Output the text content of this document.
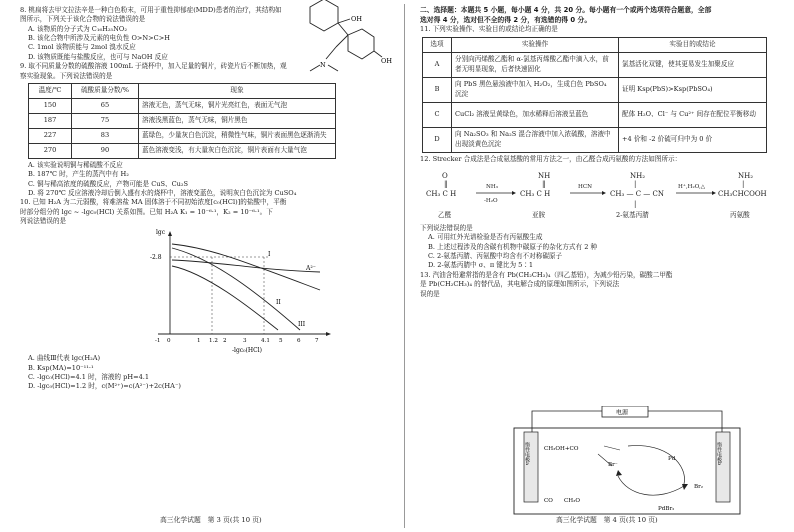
8. 桃扁将去甲文拉法辛是一种白色粉末，可用于重性抑郁症(MDD)患者的治疗，其结构如

图所示，下列关于该化合物的说法错误的是

A. 该物质的分子式为 C₁₆H₂₅NO₂

B. 该化合物中所涉及元素的电负性 O>N>C>H

C. 1mol 该物质能与 2mol 溴水反应

D. 该物质既能与盐酸反应，也可与 NaOH 反应

OH
N	OH

9. 取不同质量分数的硫酸溶液 100mL 于烧杯中，加入足量的铜片，砖瓷片后不断加热，观

察实验现象。下列说法错误的是

温度/℃	硫酸质量分数/%	现象
150	65	溶液无色，蒸气无味，铜片光亮红色，表面无气泡
187	75	溶液浅黑蓝色，蒸气无味，铜片黑色
227	83	蓝绿色，少量灰白色沉淀，稍微性气味，铜片表面黑色逐渐消失
270	90	蓝色溶液变浅，有大量灰白色沉淀，铜片表面有大量气泡

A. 该实验说明铜与稀硫酸不反应

B. 187℃ 时，产生的蒸汽中有 H₂

C. 铜与稀高浓度的硫酸反应，产物可能是 CuS、Cu₂S

D. 将 270℃ 反应溶液冷却后倒入盛有水的烧杯中，溶液变蓝色，说明灰白色沉淀为 CuSO₄

10. 已知 H₂A 为二元弱酸，将难溶盐 MA 固体溶于不同初始浓度[c₀(HCl)]的盐酸中，平衡

时部分组分的 lgc ~ -lgc₀(HCl) 关系如图。已知 H₂A K₁ = 10⁻⁶·¹，K₂ = 10⁻⁶·¹。下

列说法错误的是

lgc
-2.8	I
A²⁻
II
III
-1 0	1 1.2 2	3	4.1 5	6	7
-lgc₀(HCl)

A. 曲线Ⅲ代表 lgc(H₂A)

B. Ksp(MA)=10⁻¹¹·¹

C. -lgc₀(HCl)=4.1 时，溶液的 pH=4.1

D. -lgc₀(HCl)=1.2 时，c(M²⁺)=c(A²⁻)+2c(HA⁻)

高三化学试题　第 3 页(共 10 页)

二、选择题：本题共 5 小题，每小题 4 分，共 20 分。每小题有一个或两个选项符合题意，全部

选对得 4 分，选对但不全的得 2 分，有选错的得 0 分。

11. 下列实验操作、实验目的或结论均正确的是

选项	实验操作	实验目的或结论
A	分别向丙烯酸乙酯和 α-氯基丙烯酸乙酯中滴入水，前者无明显现象，后者快速固化	氯基活化双键，使其更易发生加聚反应
B	向 PbS 黑色悬浊液中加入 H₂O₂，生成白色 PbSO₄ 沉淀	证明 Ksp(PbS)>Ksp(PbSO₄)
C	CuCl₂ 溶液呈黄绿色，加水稀释后溶液呈蓝色	配体 H₂O、Cl⁻ 与 Cu²⁺ 间存在配位平衡移动
D	向 Na₂SO₃ 和 Na₂S 混合溶液中加入浓硫酸，溶液中出现淡黄色沉淀	+4 价和 -2 价硫可归中为 0 价

12. Strecker 合成法是合成氨基酸的常用方法之一，由乙醛合成丙氨酸的方法如图所示：

O
‖
CH₃ C H
NH₃
-H₂O
NH
‖
CH₃ C H
HCN
NH₂
|
CH₃ — C — CN
|
H⁺,H₂O,△
NH₂
|
CH₃CHCOOH
乙醛	亚胺	2-氨基丙腈	丙氨酸

下列说法错误的是

A. 可用红外光谱检验是否有丙氨酸生成

B. 上述过程涉及的含碳有机物中碳原子的杂化方式有 2 种

C. 2-氨基丙腈、丙氨酸中均含有不对称碳原子

D. 2-氨基丙腈中 σ、π 键比为 5∶1

13. 汽油含铅避常指的是含有 Pb(CH₂CH₃)₄（四乙基铅），为减少铅污染，碳酸二甲酯

是 Pb(CH₂CH₃)₄ 的替代品，其电解合成的原理如图所示，下列说法

误的是

电源
惰性电极a	惰性电极b
CH₃OH+CO
CO CH₃O
Br⁻
Pd
PdBr₂
Br₂
高三化学试题　第 4 页(共 10 页)
